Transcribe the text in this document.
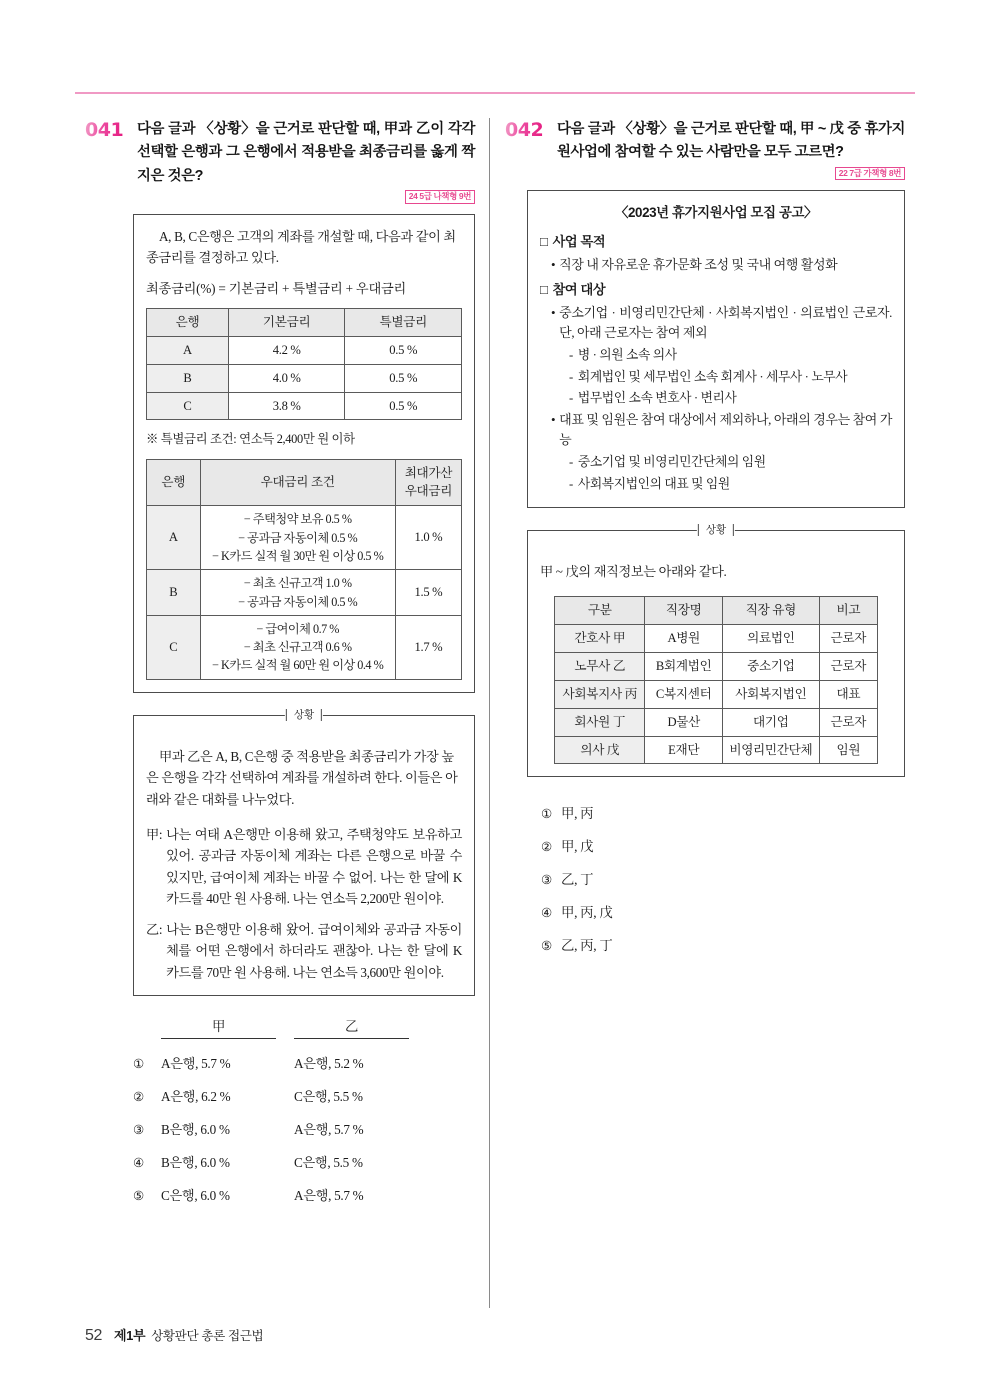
041 다음 글과 〈상황〉을 근거로 판단할 때, 甲과 乙이 각각 선택할 은행과 그 은행에서 적용받을 최종금리를 옳게 짝지은 것은?
24 5급 나책형 9번

A, B, C은행은 고객의 계좌를 개설할 때, 다음과 같이 최종금리를 결정하고 있다.

최종금리(%) = 기본금리 + 특별금리 + 우대금리

은행	기본금리	특별금리
A	4.2 %	0.5 %
B	4.0 %	0.5 %
C	3.8 %	0.5 %

※ 특별금리 조건: 연소득 2,400만 원 이하

은행	우대금리 조건	최대가산
우대금리
A	− 주택청약 보유 0.5 %
− 공과금 자동이체 0.5 %
− K카드 실적 월 30만 원 이상 0.5 %	1.0 %
B	− 최초 신규고객 1.0 %
− 공과금 자동이체 0.5 %	1.5 %
C	− 급여이체 0.7 %
− 최초 신규고객 0.6 %
− K카드 실적 월 60만 원 이상 0.4 %	1.7 %

甲과 乙은 A, B, C은행 중 적용받을 최종금리가 가장 높은 은행을 각각 선택하여 계좌를 개설하려 한다. 이들은 아래와 같은 대화를 나누었다.

甲: 나는 여태 A은행만 이용해 왔고, 주택청약도 보유하고 있어. 공과금 자동이체 계좌는 다른 은행으로 바꿀 수 있지만, 급여이체 계좌는 바꿀 수 없어. 나는 한 달에 K카드를 40만 원 사용해. 나는 연소득 2,200만 원이야.
乙: 나는 B은행만 이용해 왔어. 급여이체와 공과금 자동이체를 어떤 은행에서 하더라도 괜찮아. 나는 한 달에 K카드를 70만 원 사용해. 나는 연소득 3,600만 원이야.
상황
甲	乙
①	A은행, 5.7 %	A은행, 5.2 %
②	A은행, 6.2 %	C은행, 5.5 %
③	B은행, 6.0 %	A은행, 5.7 %
④	B은행, 6.0 %	C은행, 5.5 %
⑤	C은행, 6.0 %	A은행, 5.7 %
042 다음 글과 〈상황〉을 근거로 판단할 때, 甲 ~ 戊 중 휴가지원사업에 참여할 수 있는 사람만을 모두 고르면?
22 7급 가책형 8번
〈2023년 휴가지원사업 모집 공고〉
□ 사업 목적
• 직장 내 자유로운 휴가문화 조성 및 국내 여행 활성화
□ 참여 대상
• 중소기업 · 비영리민간단체 · 사회복지법인 · 의료법인 근로자. 단, 아래 근로자는 참여 제외
- 병 · 의원 소속 의사
- 회계법인 및 세무법인 소속 회계사 · 세무사 · 노무사
- 법무법인 소속 변호사 · 변리사
• 대표 및 임원은 참여 대상에서 제외하나, 아래의 경우는 참여 가능
- 중소기업 및 비영리민간단체의 임원
- 사회복지법인의 대표 및 임원

甲 ~ 戊의 재직정보는 아래와 같다.

구분	직장명	직장 유형	비고
간호사 甲	A병원	의료법인	근로자
노무사 乙	B회계법인	중소기업	근로자
사회복지사 丙	C복지센터	사회복지법인	대표
회사원 丁	D물산	대기업	근로자
의사 戊	E재단	비영리민간단체	임원
상황
① 甲, 丙
② 甲, 戊
③ 乙, 丁
④ 甲, 丙, 戊
⑤ 乙, 丙, 丁
52 제1부 상황판단 총론 접근법
